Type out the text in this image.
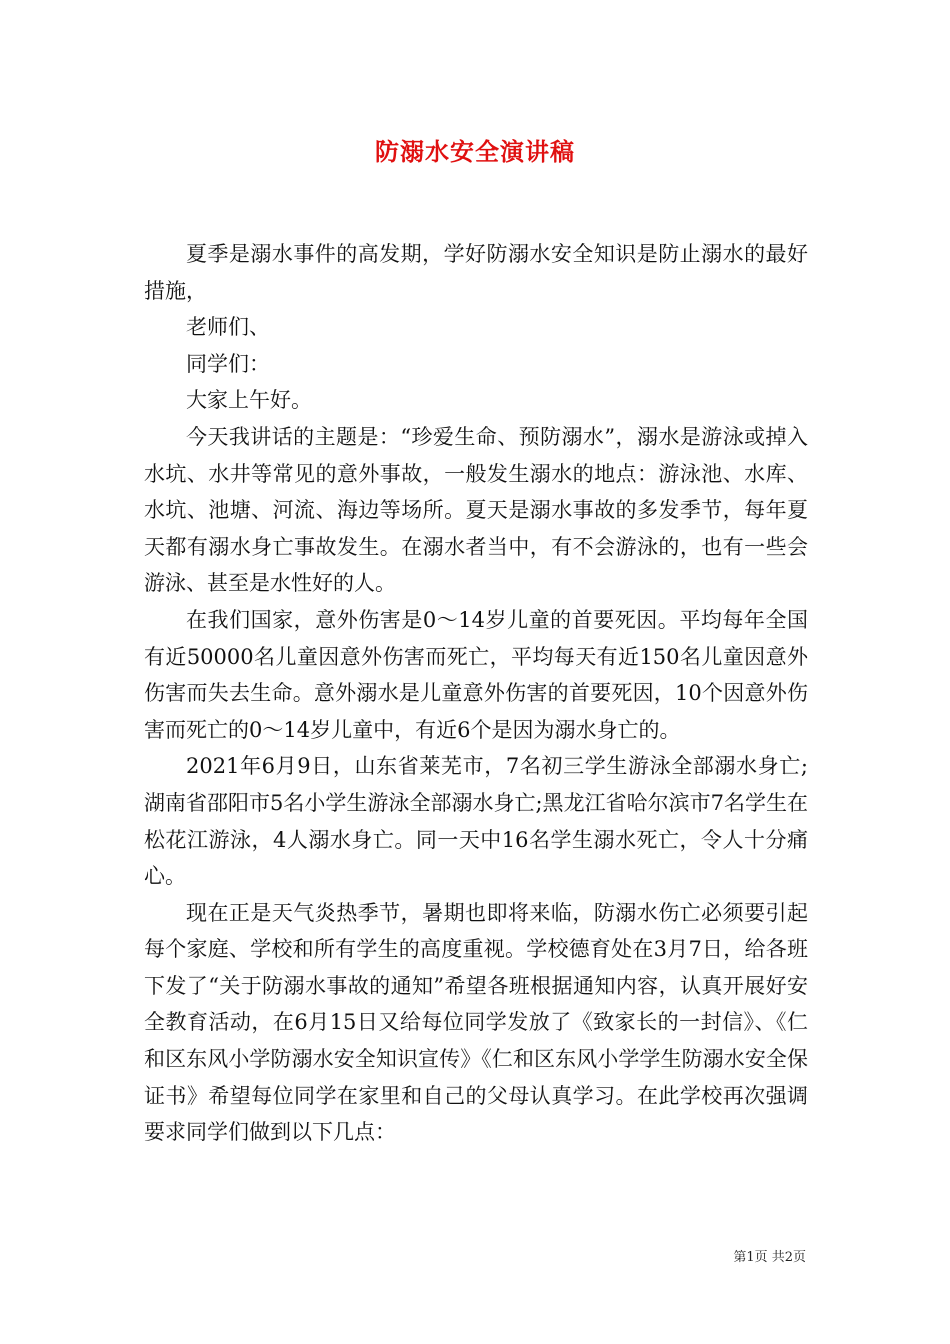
防溺水安全演讲稿

夏季是溺水事件的高发期，学好防溺水安全知识是防止溺水的最好措施，

老师们、

同学们：

大家上午好。

今天我讲话的主题是：“珍爱生命、预防溺水”，溺水是游泳或掉入水坑、水井等常见的意外事故，一般发生溺水的地点：游泳池、水库、水坑、池塘、河流、海边等场所。夏天是溺水事故的多发季节，每年夏天都有溺水身亡事故发生。在溺水者当中，有不会游泳的，也有一些会游泳、甚至是水性好的人。

在我们国家，意外伤害是0～14岁儿童的首要死因。平均每年全国有近50000名儿童因意外伤害而死亡，平均每天有近150名儿童因意外伤害而失去生命。意外溺水是儿童意外伤害的首要死因，10个因意外伤害而死亡的0～14岁儿童中，有近6个是因为溺水身亡的。

2021年6月9日，山东省莱芜市，7名初三学生游泳全部溺水身亡;湖南省邵阳市5名小学生游泳全部溺水身亡;黑龙江省哈尔滨市7名学生在松花江游泳，4人溺水身亡。同一天中16名学生溺水死亡，令人十分痛心。

现在正是天气炎热季节，暑期也即将来临，防溺水伤亡必须要引起每个家庭、学校和所有学生的高度重视。学校德育处在3月7日，给各班下发了“关于防溺水事故的通知”希望各班根据通知内容，认真开展好安全教育活动，在6月15日又给每位同学发放了《致家长的一封信》、《仁和区东风小学防溺水安全知识宣传》《仁和区东风小学学生防溺水安全保证书》希望每位同学在家里和自己的父母认真学习。在此学校再次强调要求同学们做到以下几点：

第1页 共2页
